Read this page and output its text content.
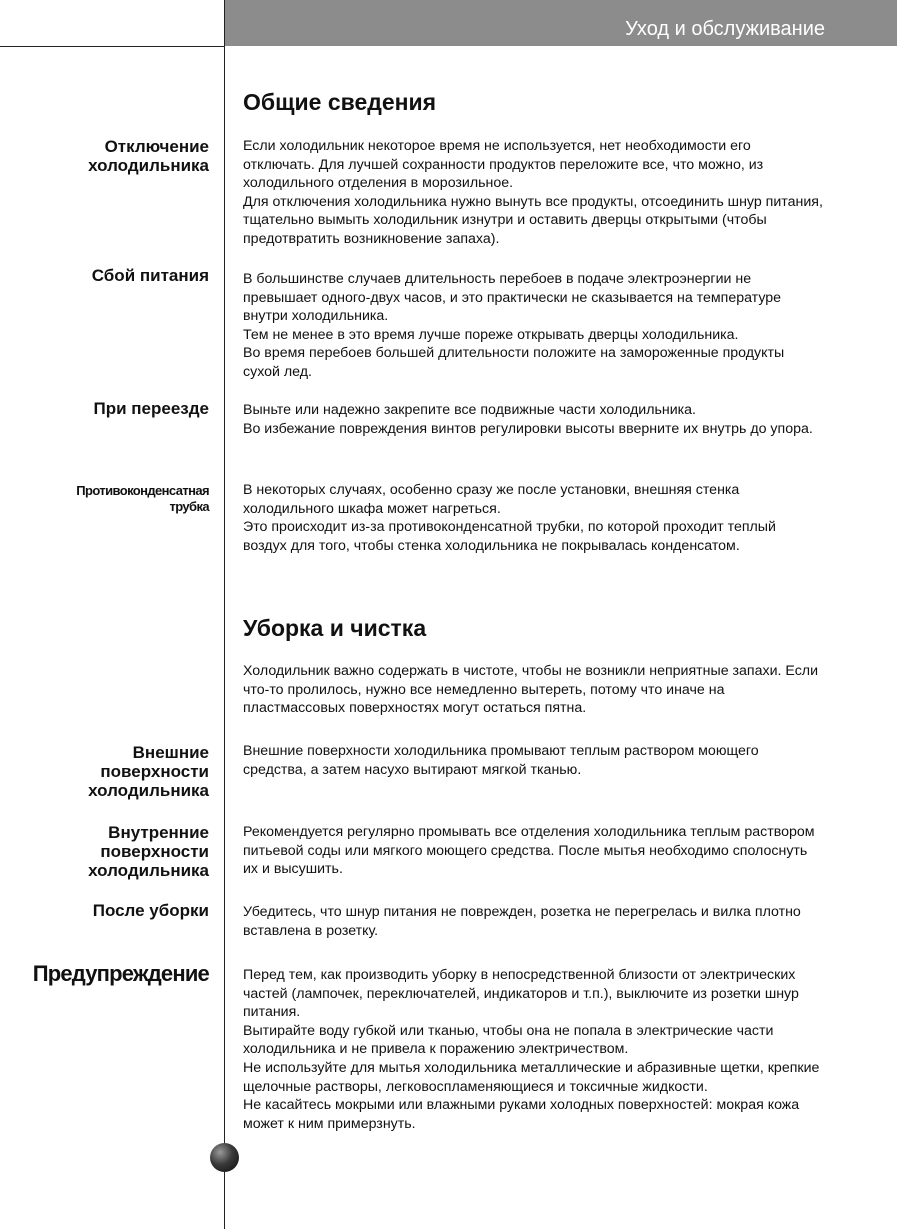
Уход и обслуживание
Общие сведения
Отключение
холодильника

Если холодильник некоторое время не используется, нет необходимости его отключать. Для лучшей сохранности продуктов переложите все, что можно, из холодильного отделения в морозильное.

Для отключения холодильника нужно вынуть все продукты, отсоединить шнур питания, тщательно вымыть холодильник изнутри и оставить дверцы открытыми (чтобы предотвратить возникновение запаха).

Сбой питания В большинстве случаев длительность перебоев в подаче электроэнергии не превышает одного-двух часов, и это практически не сказывается на температуре внутри холодильника.

Тем не менее в это время лучше пореже открывать дверцы холодильника.

Во время перебоев большей длительности положите на замороженные продукты сухой лед.

При переезде Выньте или надежно закрепите все подвижные части холодильника.

Во избежание повреждения винтов регулировки высоты вверните их внутрь до упора.

Противоконденсатная
трубка

В некоторых случаях, особенно сразу же после установки, внешняя стенка холодильного шкафа может нагреться.

Это происходит из-за противоконденсатной трубки, по которой проходит теплый воздух для того, чтобы стенка холодильника не покрывалась конденсатом.

Уборка и чистка

Холодильник важно содержать в чистоте, чтобы не возникли неприятные запахи. Если что-то пролилось, нужно все немедленно вытереть, потому что иначе на пластмассовых поверхностях могут остаться пятна.

Внешние
поверхности
холодильника

Внешние поверхности холодильника промывают теплым раствором моющего средства, а затем насухо вытирают мягкой тканью.

Внутренние
поверхности
холодильника

Рекомендуется регулярно промывать все отделения холодильника теплым раствором питьевой соды или мягкого моющего средства. После мытья необходимо сполоснуть их и высушить.

После уборки Убедитесь, что шнур питания не поврежден, розетка не перегрелась и вилка плотно вставлена в розетку.

Предупреждение Перед тем, как производить уборку в непосредственной близости от электрических частей (лампочек, переключателей, индикаторов и т.п.), выключите из розетки шнур питания.

Вытирайте воду губкой или тканью, чтобы она не попала в электрические части холодильника и не привела к поражению электричеством.

Не используйте для мытья холодильника металлические и абразивные щетки, крепкие щелочные растворы, легковоспламеняющиеся и токсичные жидкости.

Не касайтесь мокрыми или влажными руками холодных поверхностей: мокрая кожа может к ним примерзнуть.
